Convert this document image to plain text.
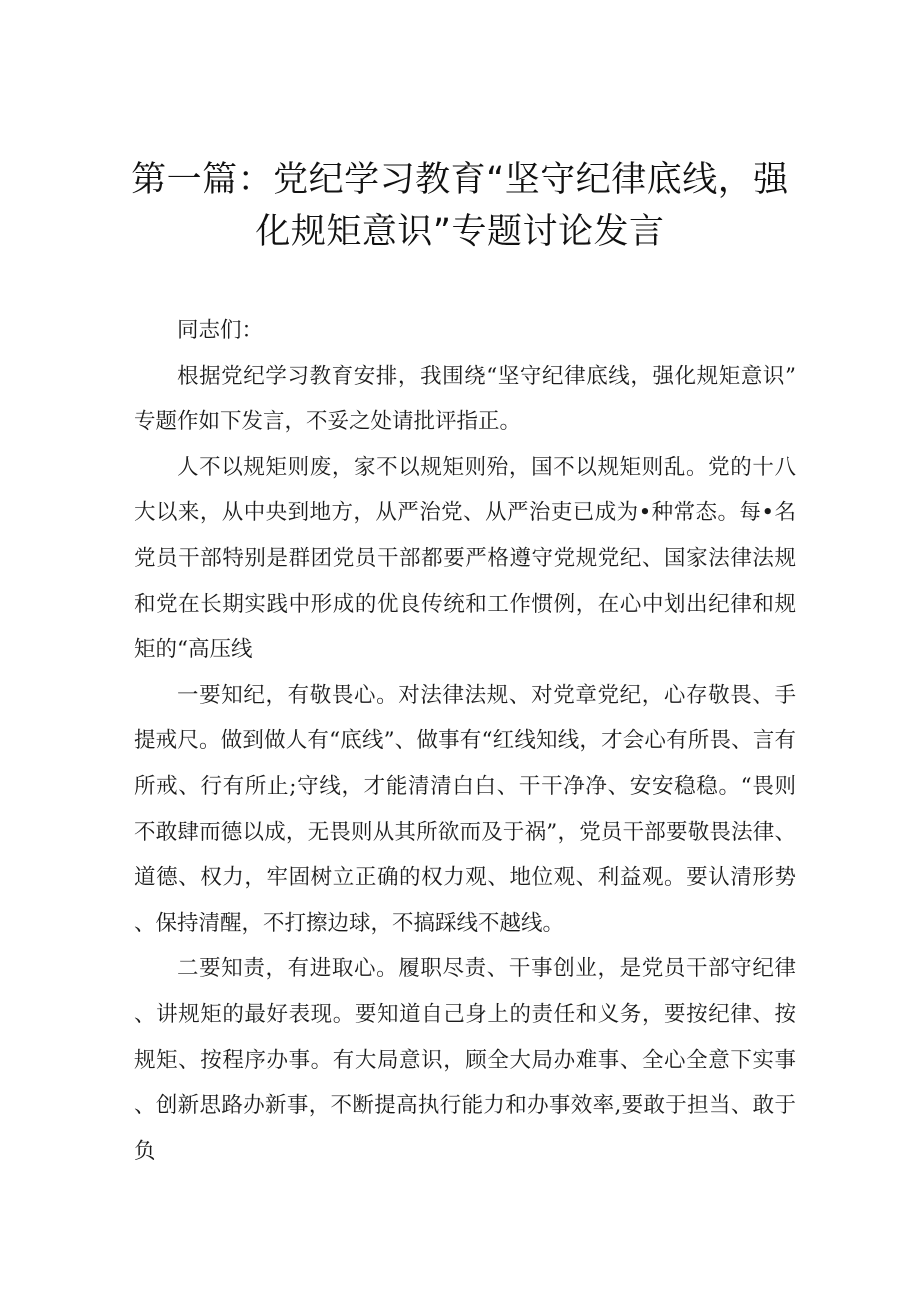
第一篇：党纪学习教育“坚守纪律底线，强
化规矩意识”专题讨论发言

同志们：

根据党纪学习教育安排，我围绕“坚守纪律底线，强化规矩意识”专题作如下发言，不妥之处请批评指正。

人不以规矩则废，家不以规矩则殆，国不以规矩则乱。党的十八大以来，从中央到地方，从严治党、从严治吏已成为•种常态。每•名党员干部特别是群团党员干部都要严格遵守党规党纪、国家法律法规和党在长期实践中形成的优良传统和工作惯例，在心中划出纪律和规矩的“高压线

一要知纪，有敬畏心。对法律法规、对党章党纪，心存敬畏、手提戒尺。做到做人有“底线”、做事有“红线知线，才会心有所畏、言有所戒、行有所止;守线，才能清清白白、干干净净、安安稳稳。“畏则不敢肆而德以成，无畏则从其所欲而及于祸”，党员干部要敬畏法律、道德、权力，牢固树立正确的权力观、地位观、利益观。要认清形势、保持清醒，不打擦边球，不搞踩线不越线。

二要知责，有进取心。履职尽责、干事创业，是党员干部守纪律、讲规矩的最好表现。要知道自己身上的责任和义务，要按纪律、按规矩、按程序办事。有大局意识，顾全大局办难事、全心全意下实事、创新思路办新事，不断提高执行能力和办事效率,要敢于担当、敢于负
